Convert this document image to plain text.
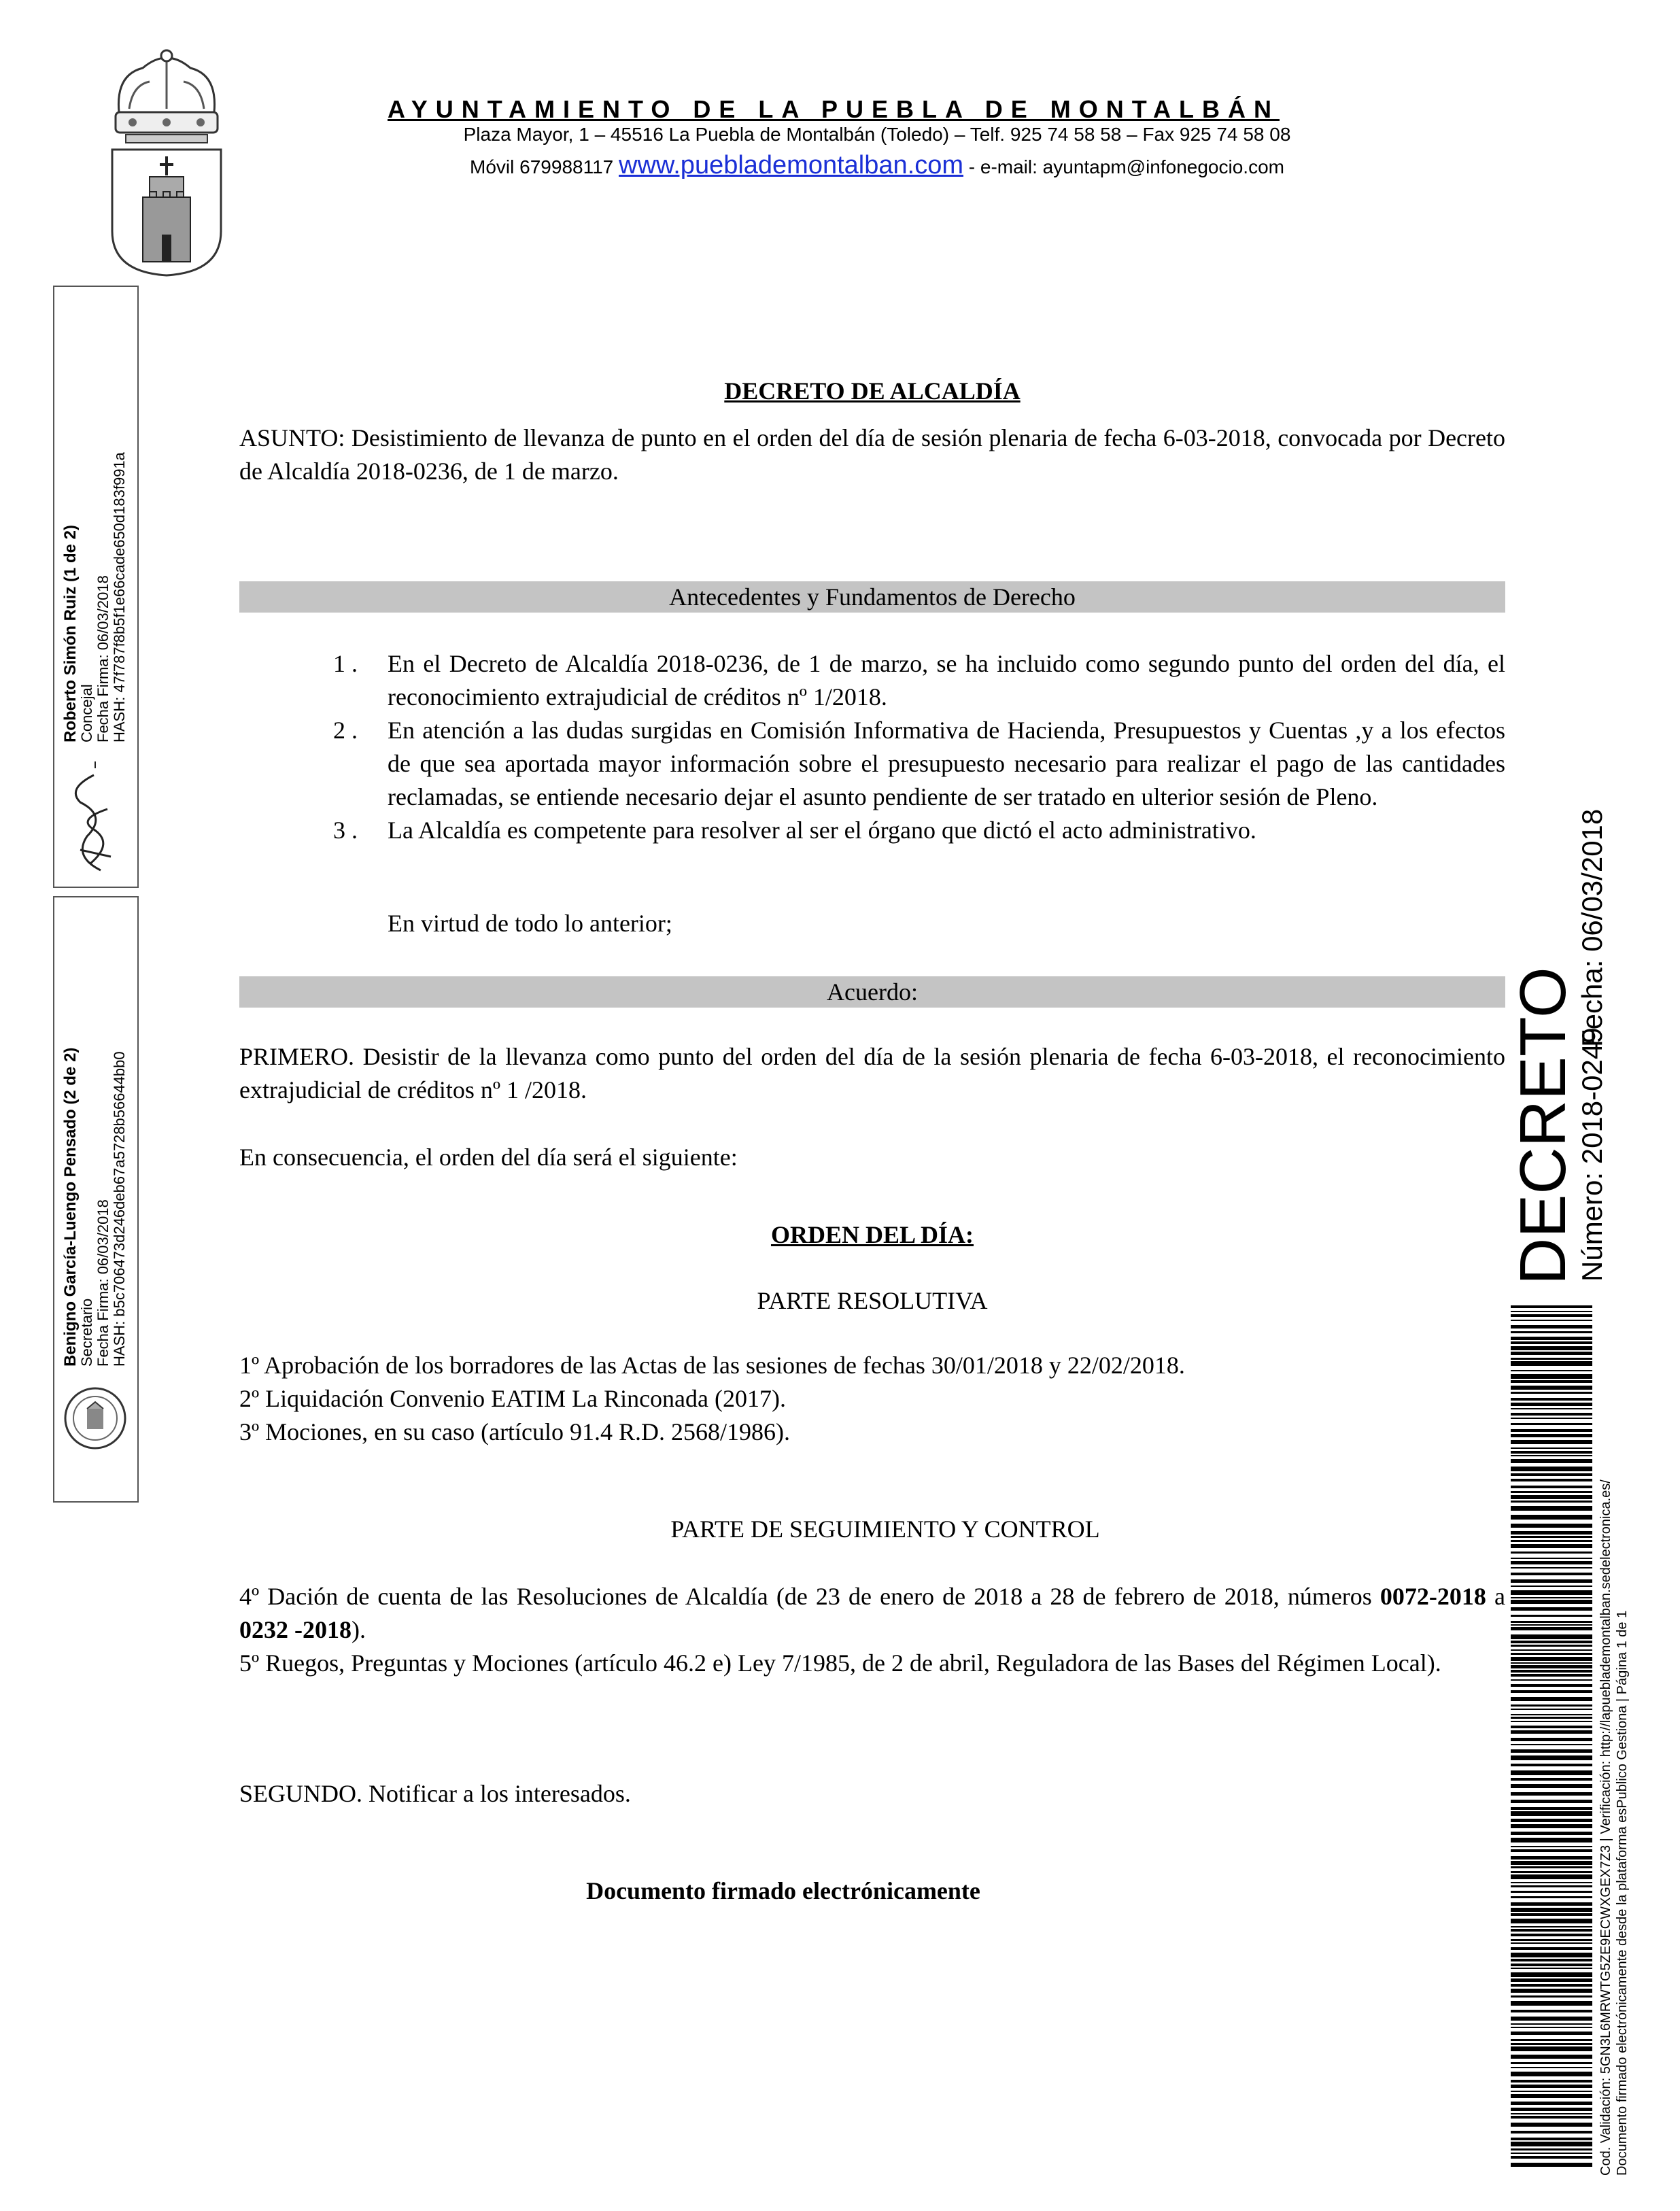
AYUNTAMIENTO DE LA PUEBLA DE MONTALBÁN
Plaza Mayor, 1 – 45516 La Puebla de Montalbán (Toledo) – Telf. 925 74 58 58 – Fax 925 74 58 08
Móvil 679988117 www.pueblademontalban.com - e-mail: ayuntapm@infonegocio.com
DECRETO DE ALCALDÍA
ASUNTO: Desistimiento de llevanza de punto en el orden del día de sesión plenaria de fecha 6-03-2018, convocada por Decreto de Alcaldía 2018-0236, de 1 de marzo.
Antecedentes y Fundamentos de Derecho
1 . En el Decreto de Alcaldía 2018-0236, de 1 de marzo, se ha incluido como segundo punto del orden del día, el reconocimiento extrajudicial de créditos nº 1/2018.
2 . En atención a las dudas surgidas en Comisión Informativa de Hacienda, Presupuestos y Cuentas ,y a los efectos de que sea aportada mayor información sobre el presupuesto necesario para realizar el pago de las cantidades reclamadas, se entiende necesario dejar el asunto pendiente de ser tratado en ulterior sesión de Pleno.
3 . La Alcaldía es competente para resolver al ser el órgano que dictó el acto administrativo.
En virtud de todo lo anterior;
Acuerdo:
PRIMERO. Desistir de la llevanza como punto del orden del día de la sesión plenaria de fecha 6-03-2018, el reconocimiento extrajudicial de créditos nº 1 /2018.
En consecuencia, el orden del día será el siguiente:
ORDEN DEL DÍA:
PARTE RESOLUTIVA
1º Aprobación de los borradores de las Actas de las sesiones de fechas 30/01/2018 y 22/02/2018.
2º Liquidación Convenio EATIM La Rinconada (2017).
3º Mociones, en su caso (artículo 91.4 R.D. 2568/1986).
PARTE DE SEGUIMIENTO Y CONTROL
4º Dación de cuenta de las Resoluciones de Alcaldía (de 23 de enero de 2018 a 28 de febrero de 2018, números 0072-2018 a 0232 -2018).
5º Ruegos, Preguntas y Mociones (artículo 46.2 e) Ley 7/1985, de 2 de abril, Reguladora de las Bases del Régimen Local).
SEGUNDO. Notificar a los interesados.
Documento firmado electrónicamente
Roberto Simón Ruiz (1 de 2)
Concejal Fecha Firma: 06/03/2018 HASH: 47f787f8b5f1e66cade650d183f991a
Benigno García-Luengo Pensado (2 de 2)
Secretario Fecha Firma: 06/03/2018 HASH: b5c706473d246deb67a5728b56644bb0	DECRETO
Número: 2018-0249
Fecha: 06/03/2018
Cod. Validación: 5GN3L6MRWTG5ZE9ECWXGEX7Z3 | Verificación: http://lapueblademontalban.sedelectronica.es/ Documento firmado electrónicamente desde la plataforma esPublico Gestiona | Página 1 de 1
